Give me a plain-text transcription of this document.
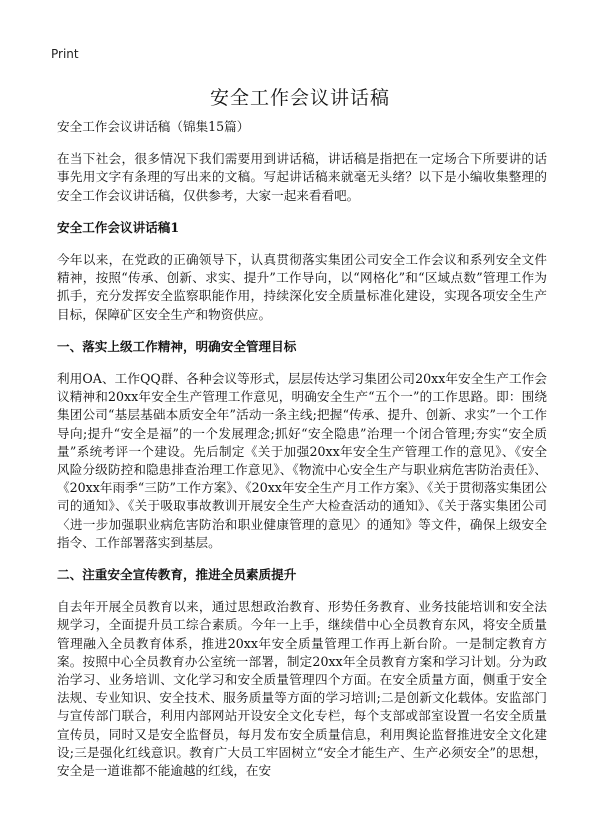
Print
安全工作会议讲话稿
安全工作会议讲话稿（锦集15篇）

在当下社会，很多情况下我们需要用到讲话稿，讲话稿是指把在一定场合下所要讲的话事先用文字有条理的写出来的文稿。写起讲话稿来就毫无头绪？以下是小编收集整理的安全工作会议讲话稿，仅供参考，大家一起来看看吧。

安全工作会议讲话稿1

今年以来，在党政的正确领导下，认真贯彻落实集团公司安全工作会议和系列安全文件精神，按照“传承、创新、求实、提升”工作导向，以“网格化”和“区域点数”管理工作为抓手，充分发挥安全监察职能作用，持续深化安全质量标准化建设，实现各项安全生产目标，保障矿区安全生产和物资供应。

一、落实上级工作精神，明确安全管理目标

利用OA、工作QQ群、各种会议等形式，层层传达学习集团公司20xx年安全生产工作会议精神和20xx年安全生产管理工作意见，明确安全生产“五个一”的工作思路。即：围绕集团公司“基层基础本质安全年”活动一条主线;把握“传承、提升、创新、求实”一个工作导向;提升“安全是福”的一个发展理念;抓好“安全隐患”治理一个闭合管理;夯实“安全质量”系统考评一个建设。先后制定《关于加强20xx年安全生产管理工作的意见》、《安全风险分级防控和隐患排查治理工作意见》、《物流中心安全生产与职业病危害防治责任》、《20xx年雨季“三防”工作方案》、《20xx年安全生产月工作方案》、《关于贯彻落实集团公司的通知》、《关于吸取事故教训开展安全生产大检查活动的通知》、《关于落实集团公司〈进一步加强职业病危害防治和职业健康管理的意见〉的通知》等文件，确保上级安全指令、工作部署落实到基层。

二、注重安全宣传教育，推进全员素质提升

自去年开展全员教育以来，通过思想政治教育、形势任务教育、业务技能培训和安全法规学习，全面提升员工综合素质。今年一上手，继续借中心全员教育东风，将安全质量管理融入全员教育体系，推进20xx年安全质量管理工作再上新台阶。一是制定教育方案。按照中心全员教育办公室统一部署，制定20xx年全员教育方案和学习计划。分为政治学习、业务培训、文化学习和安全质量管理四个方面。在安全质量方面，侧重于安全法规、专业知识、安全技术、服务质量等方面的学习培训;二是创新文化载体。安监部门与宣传部门联合，利用内部网站开设安全文化专栏，每个支部或部室设置一名安全质量宣传员，同时又是安全监督员，每月发布安全质量信息，利用舆论监督推进安全文化建设;三是强化红线意识。教育广大员工牢固树立“安全才能生产、生产必须安全”的思想，安全是一道谁都不能逾越的红线，在安
